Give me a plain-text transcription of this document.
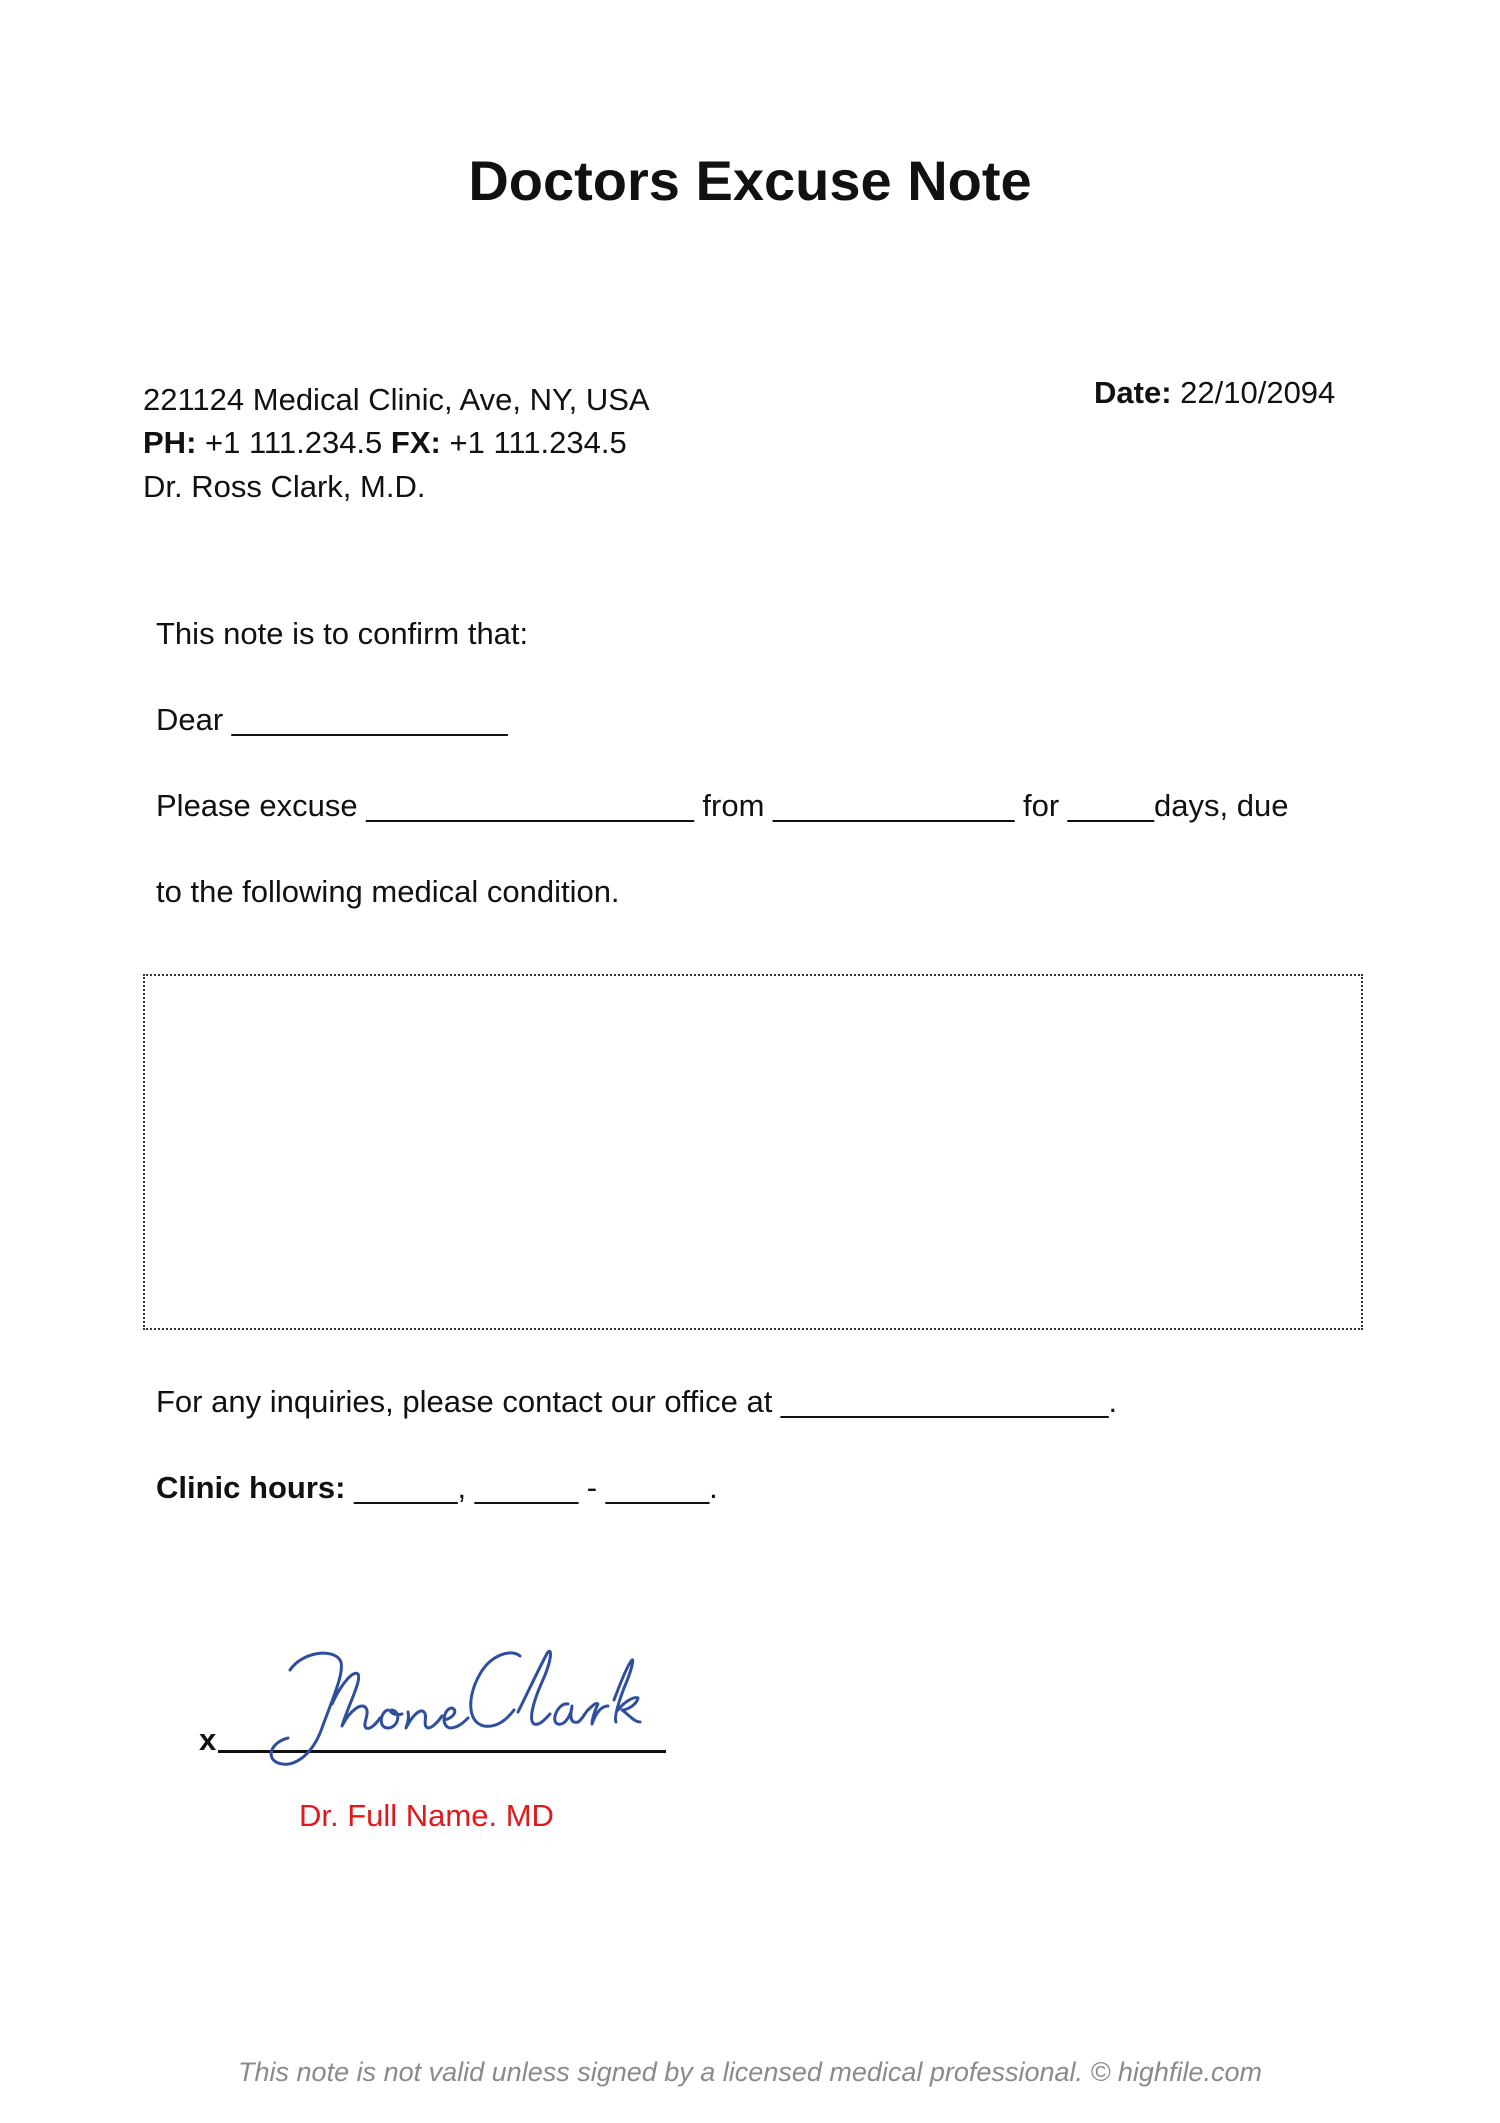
Doctors Excuse Note
221124 Medical Clinic, Ave, NY, USA
PH: +1 111.234.5 FX: +1 111.234.5
Dr. Ross Clark, M.D.
Date: 22/10/2094
This note is to confirm that:
Dear ________________
Please excuse ___________________ from ______________ for _____days, due
to the following medical condition.
For any inquiries, please contact our office at ___________________.
Clinic hours: ______, ______ - ______.
x
Dr. Full Name. MD
This note is not valid unless signed by a licensed medical professional. © highfile.com
